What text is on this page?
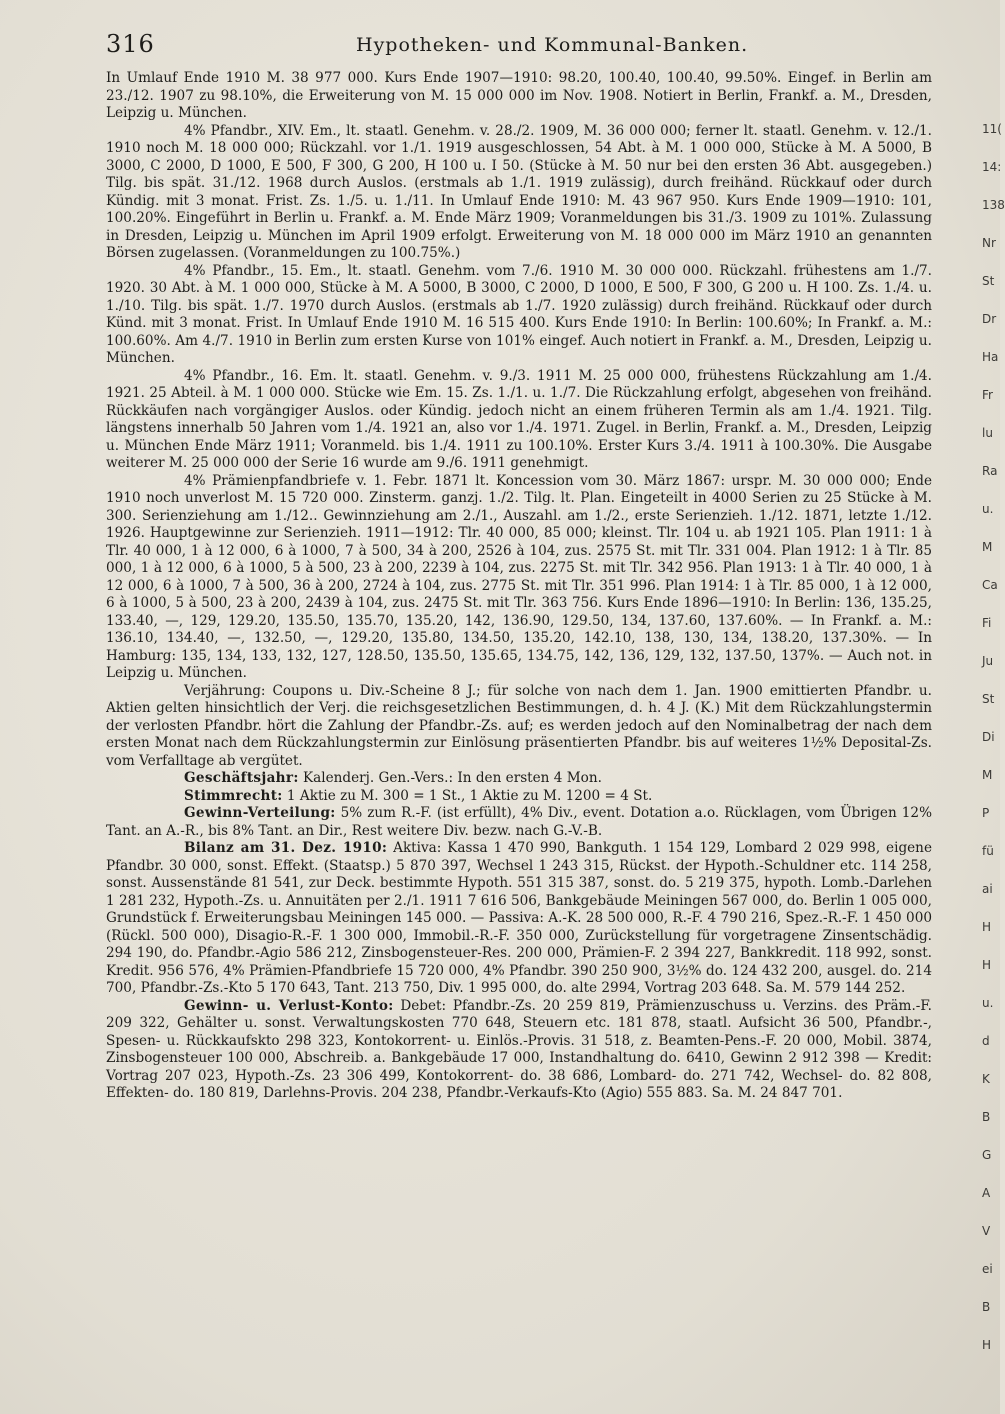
316	Hypotheken- und Kommunal-Banken.

In Umlauf Ende 1910 M. 38 977 000. Kurs Ende 1907—1910: 98.20, 100.40, 100.40, 99.50%. Eingef. in Berlin am 23./12. 1907 zu 98.10%, die Erweiterung von M. 15 000 000 im Nov. 1908. Notiert in Berlin, Frankf. a. M., Dresden, Leipzig u. München.

4% Pfandbr., XIV. Em., lt. staatl. Genehm. v. 28./2. 1909, M. 36 000 000; ferner lt. staatl. Genehm. v. 12./1. 1910 noch M. 18 000 000; Rückzahl. vor 1./1. 1919 ausgeschlossen, 54 Abt. à M. 1 000 000, Stücke à M. A 5000, B 3000, C 2000, D 1000, E 500, F 300, G 200, H 100 u. I 50. (Stücke à M. 50 nur bei den ersten 36 Abt. ausgegeben.) Tilg. bis spät. 31./12. 1968 durch Auslos. (erstmals ab 1./1. 1919 zulässig), durch freihänd. Rückkauf oder durch Kündig. mit 3 monat. Frist. Zs. 1./5. u. 1./11. In Umlauf Ende 1910: M. 43 967 950. Kurs Ende 1909—1910: 101, 100.20%. Eingeführt in Berlin u. Frankf. a. M. Ende März 1909; Voranmeldungen bis 31./3. 1909 zu 101%. Zulassung in Dresden, Leipzig u. München im April 1909 erfolgt. Erweiterung von M. 18 000 000 im März 1910 an genannten Börsen zugelassen. (Voranmeldungen zu 100.75%.)

4% Pfandbr., 15. Em., lt. staatl. Genehm. vom 7./6. 1910 M. 30 000 000. Rückzahl. frühestens am 1./7. 1920. 30 Abt. à M. 1 000 000, Stücke à M. A 5000, B 3000, C 2000, D 1000, E 500, F 300, G 200 u. H 100. Zs. 1./4. u. 1./10. Tilg. bis spät. 1./7. 1970 durch Auslos. (erstmals ab 1./7. 1920 zulässig) durch freihänd. Rückkauf oder durch Künd. mit 3 monat. Frist. In Umlauf Ende 1910 M. 16 515 400. Kurs Ende 1910: In Berlin: 100.60%; In Frankf. a. M.: 100.60%. Am 4./7. 1910 in Berlin zum ersten Kurse von 101% eingef. Auch notiert in Frankf. a. M., Dresden, Leipzig u. München.

4% Pfandbr., 16. Em. lt. staatl. Genehm. v. 9./3. 1911 M. 25 000 000, frühestens Rückzahlung am 1./4. 1921. 25 Abteil. à M. 1 000 000. Stücke wie Em. 15. Zs. 1./1. u. 1./7. Die Rückzahlung erfolgt, abgesehen von freihänd. Rückkäufen nach vorgängiger Auslos. oder Kündig. jedoch nicht an einem früheren Termin als am 1./4. 1921. Tilg. längstens innerhalb 50 Jahren vom 1./4. 1921 an, also vor 1./4. 1971. Zugel. in Berlin, Frankf. a. M., Dresden, Leipzig u. München Ende März 1911; Voranmeld. bis 1./4. 1911 zu 100.10%. Erster Kurs 3./4. 1911 à 100.30%. Die Ausgabe weiterer M. 25 000 000 der Serie 16 wurde am 9./6. 1911 genehmigt.

4% Prämienpfandbriefe v. 1. Febr. 1871 lt. Koncession vom 30. März 1867: urspr. M. 30 000 000; Ende 1910 noch unverlost M. 15 720 000. Zinsterm. ganzj. 1./2. Tilg. lt. Plan. Eingeteilt in 4000 Serien zu 25 Stücke à M. 300. Serienziehung am 1./12.. Gewinnziehung am 2./1., Auszahl. am 1./2., erste Serienzieh. 1./12. 1871, letzte 1./12. 1926. Hauptgewinne zur Serienzieh. 1911—1912: Tlr. 40 000, 85 000; kleinst. Tlr. 104 u. ab 1921 105. Plan 1911: 1 à Tlr. 40 000, 1 à 12 000, 6 à 1000, 7 à 500, 34 à 200, 2526 à 104, zus. 2575 St. mit Tlr. 331 004. Plan 1912: 1 à Tlr. 85 000, 1 à 12 000, 6 à 1000, 5 à 500, 23 à 200, 2239 à 104, zus. 2275 St. mit Tlr. 342 956. Plan 1913: 1 à Tlr. 40 000, 1 à 12 000, 6 à 1000, 7 à 500, 36 à 200, 2724 à 104, zus. 2775 St. mit Tlr. 351 996. Plan 1914: 1 à Tlr. 85 000, 1 à 12 000, 6 à 1000, 5 à 500, 23 à 200, 2439 à 104, zus. 2475 St. mit Tlr. 363 756. Kurs Ende 1896—1910: In Berlin: 136, 135.25, 133.40, —, 129, 129.20, 135.50, 135.70, 135.20, 142, 136.90, 129.50, 134, 137.60, 137.60%. — In Frankf. a. M.: 136.10, 134.40, —, 132.50, —, 129.20, 135.80, 134.50, 135.20, 142.10, 138, 130, 134, 138.20, 137.30%. — In Hamburg: 135, 134, 133, 132, 127, 128.50, 135.50, 135.65, 134.75, 142, 136, 129, 132, 137.50, 137%. — Auch not. in Leipzig u. München.

Verjährung: Coupons u. Div.-Scheine 8 J.; für solche von nach dem 1. Jan. 1900 emittierten Pfandbr. u. Aktien gelten hinsichtlich der Verj. die reichsgesetzlichen Bestimmungen, d. h. 4 J. (K.) Mit dem Rückzahlungstermin der verlosten Pfandbr. hört die Zahlung der Pfandbr.-Zs. auf; es werden jedoch auf den Nominalbetrag der nach dem ersten Monat nach dem Rückzahlungstermin zur Einlösung präsentierten Pfandbr. bis auf weiteres 1½% Deposital-Zs. vom Verfalltage ab vergütet.

Geschäftsjahr: Kalenderj. Gen.-Vers.: In den ersten 4 Mon.

Stimmrecht: 1 Aktie zu M. 300 = 1 St., 1 Aktie zu M. 1200 = 4 St.

Gewinn-Verteilung: 5% zum R.-F. (ist erfüllt), 4% Div., event. Dotation a.o. Rücklagen, vom Übrigen 12% Tant. an A.-R., bis 8% Tant. an Dir., Rest weitere Div. bezw. nach G.-V.-B.

Bilanz am 31. Dez. 1910: Aktiva: Kassa 1 470 990, Bankguth. 1 154 129, Lombard 2 029 998, eigene Pfandbr. 30 000, sonst. Effekt. (Staatsp.) 5 870 397, Wechsel 1 243 315, Rückst. der Hypoth.-Schuldner etc. 114 258, sonst. Aussenstände 81 541, zur Deck. bestimmte Hypoth. 551 315 387, sonst. do. 5 219 375, hypoth. Lomb.-Darlehen 1 281 232, Hypoth.-Zs. u. Annuitäten per 2./1. 1911 7 616 506, Bankgebäude Meiningen 567 000, do. Berlin 1 005 000, Grundstück f. Erweiterungsbau Meiningen 145 000. — Passiva: A.-K. 28 500 000, R.-F. 4 790 216, Spez.-R.-F. 1 450 000 (Rückl. 500 000), Disagio-R.-F. 1 300 000, Immobil.-R.-F. 350 000, Zurückstellung für vorgetragene Zinsentschädig. 294 190, do. Pfandbr.-Agio 586 212, Zinsbogensteuer-Res. 200 000, Prämien-F. 2 394 227, Bankkredit. 118 992, sonst. Kredit. 956 576, 4% Prämien-Pfandbriefe 15 720 000, 4% Pfandbr. 390 250 900, 3½% do. 124 432 200, ausgel. do. 214 700, Pfandbr.-Zs.-Kto 5 170 643, Tant. 213 750, Div. 1 995 000, do. alte 2994, Vortrag 203 648. Sa. M. 579 144 252.

Gewinn- u. Verlust-Konto: Debet: Pfandbr.-Zs. 20 259 819, Prämienzuschuss u. Verzins. des Präm.-F. 209 322, Gehälter u. sonst. Verwaltungskosten 770 648, Steuern etc. 181 878, staatl. Aufsicht 36 500, Pfandbr.-, Spesen- u. Rückkaufskto 298 323, Kontokorrent- u. Einlös.-Provis. 31 518, z. Beamten-Pens.-F. 20 000, Mobil. 3874, Zinsbogensteuer 100 000, Abschreib. a. Bankgebäude 17 000, Instandhaltung do. 6410, Gewinn 2 912 398 — Kredit: Vortrag 207 023, Hypoth.-Zs. 23 306 499, Kontokorrent- do. 38 686, Lombard- do. 271 742, Wechsel- do. 82 808, Effekten- do. 180 819, Darlehns-Provis. 204 238, Pfandbr.-Verkaufs-Kto (Agio) 555 883. Sa. M. 24 847 701.

11(
14:
138
Nr
St
Dr
Ha
Fr
lu
Ra
u.
M
Ca
Fi
Ju
St
Di
M
P
fü
ai
H
H
u.
d
K
B
G
A
V
ei
B
H
